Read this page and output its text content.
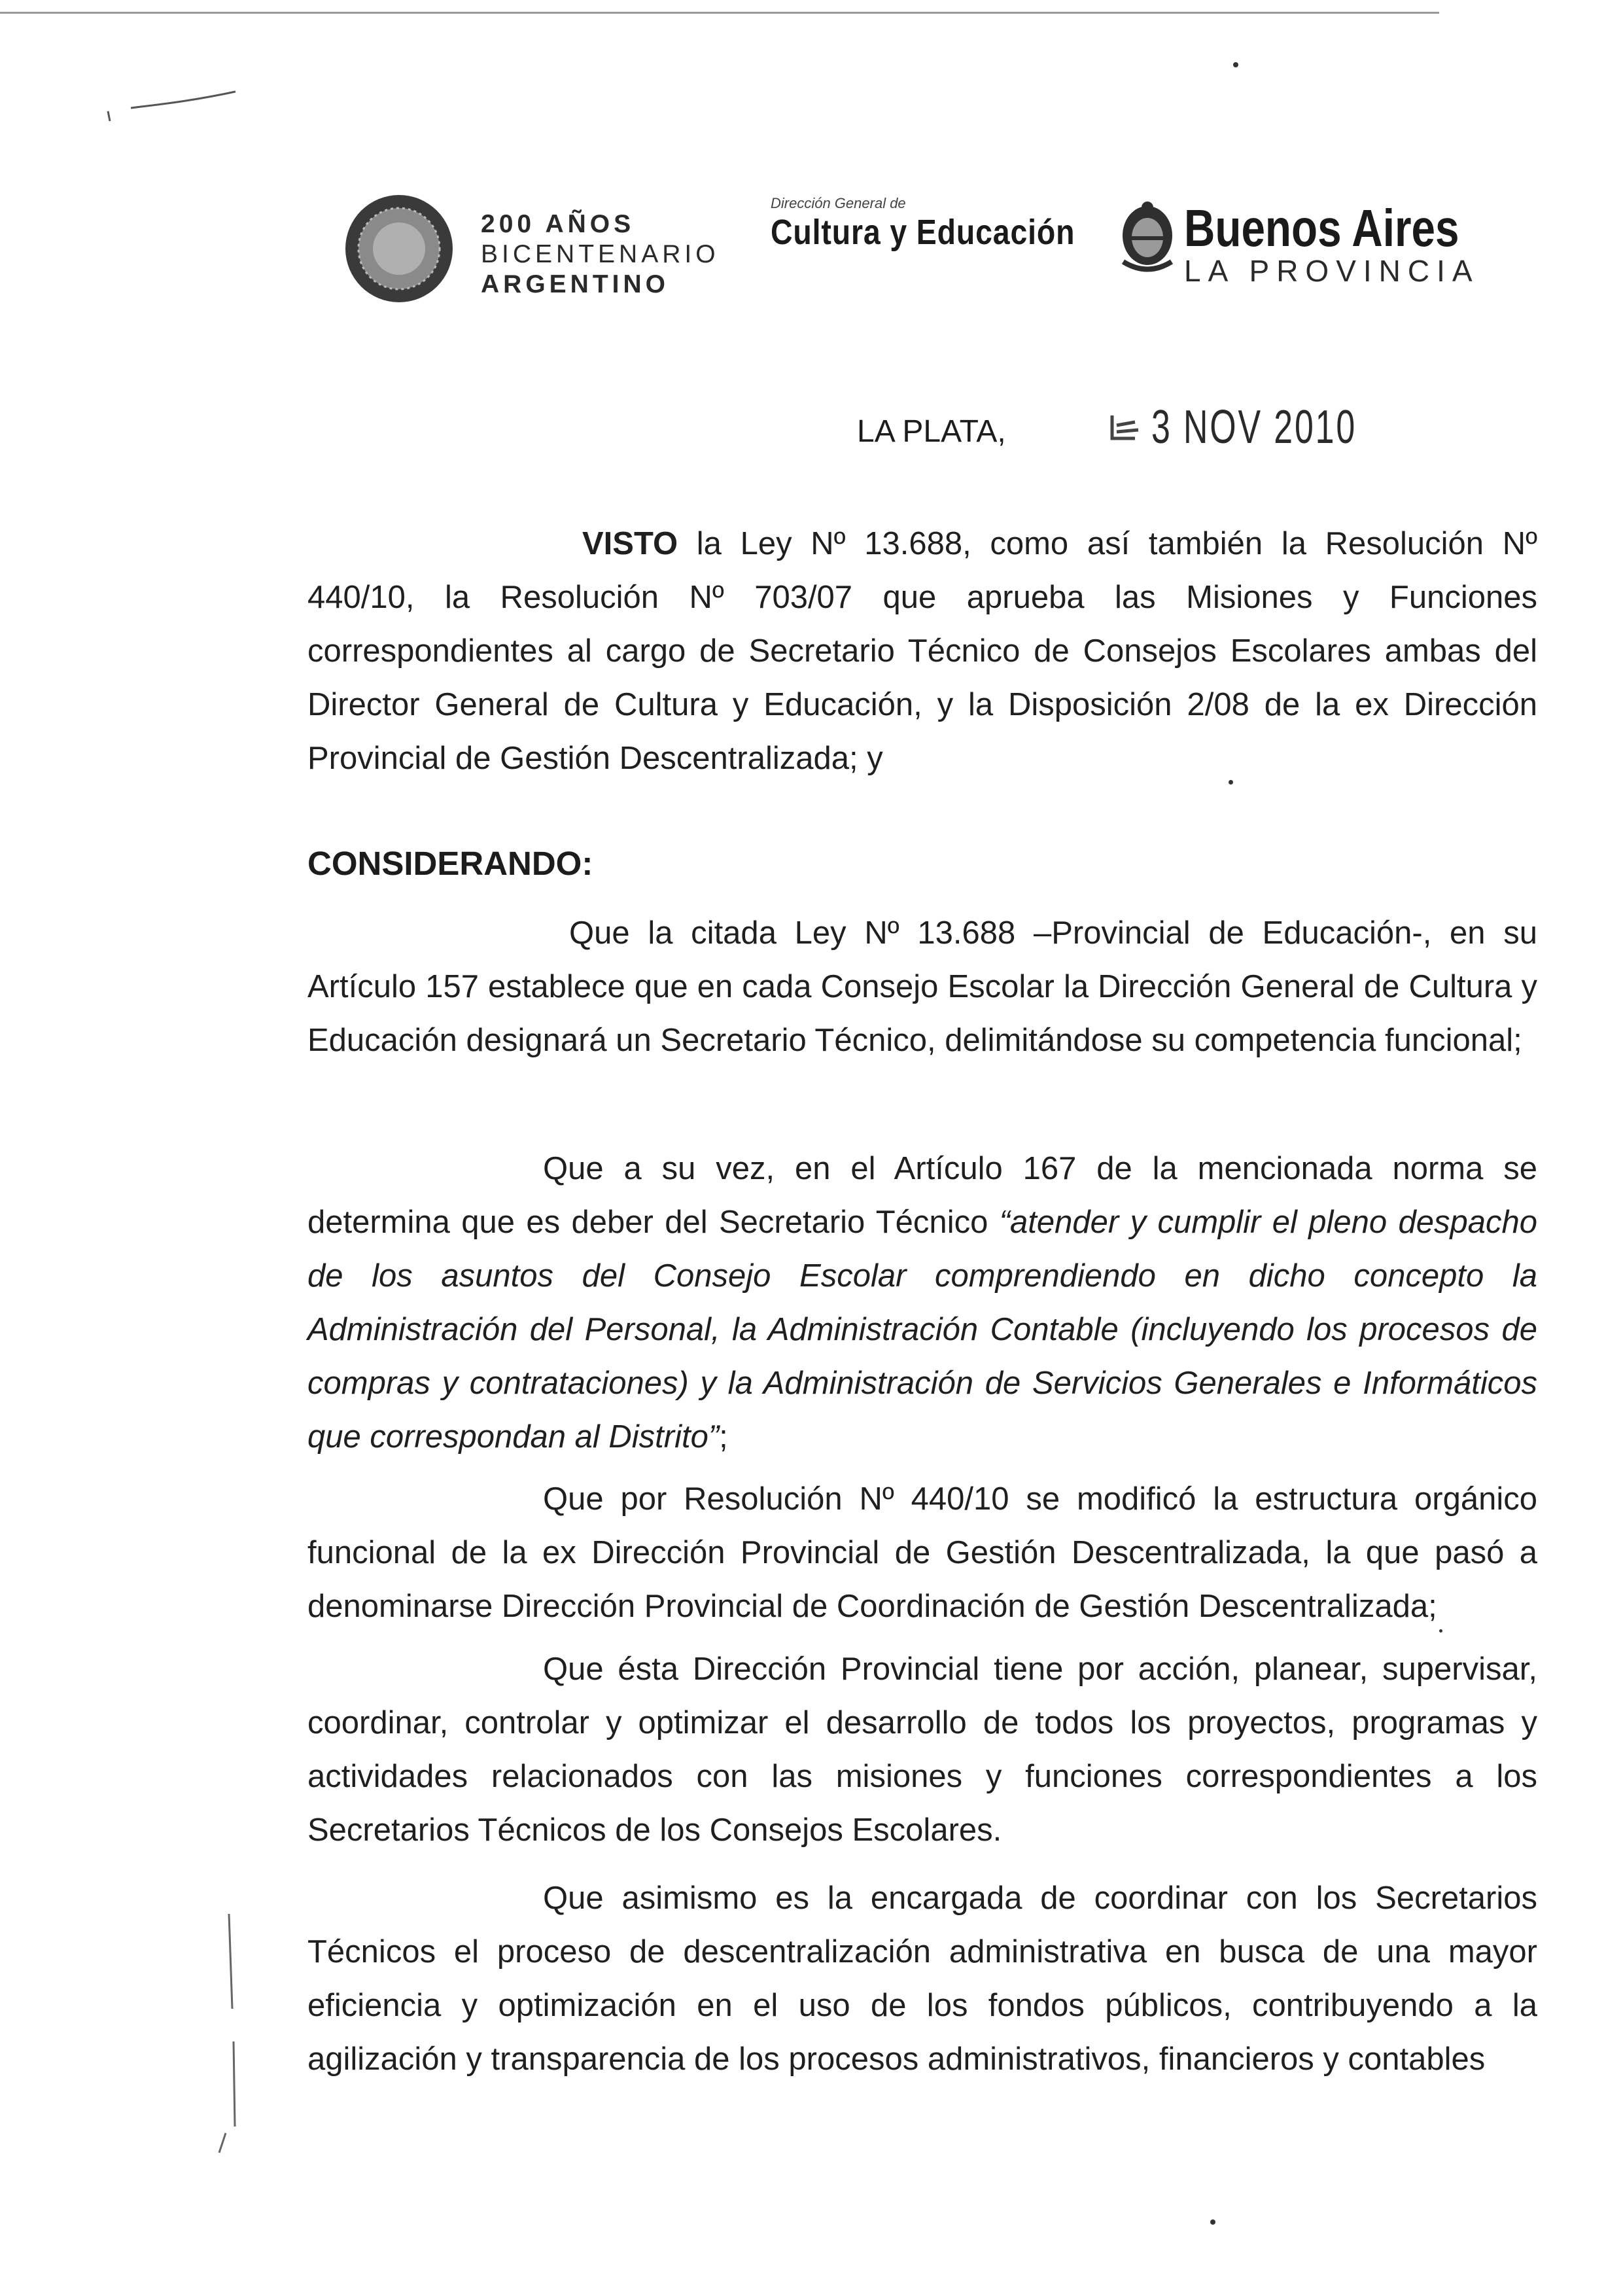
200 AÑOS
BICENTENARIO
ARGENTINO
Dirección General de
Cultura y Educación Buenos Aires
LA PROVINCIA
LA PLATA,	3 NOV 2010
VISTO la Ley Nº 13.688, como así también la Resolución Nº 440/10, la Resolución Nº 703/07 que aprueba las Misiones y Funciones correspondientes al cargo de Secretario Técnico de Consejos Escolares ambas del Director General de Cultura y Educación, y la Disposición 2/08 de la ex Dirección Provincial de Gestión Descentralizada; y
CONSIDERANDO:
Que la citada Ley Nº 13.688 –Provincial de Educación-, en su Artículo 157 establece que en cada Consejo Escolar la Dirección General de Cultura y Educación designará un Secretario Técnico, delimitándose su competencia funcional;
Que a su vez, en el Artículo 167 de la mencionada norma se determina que es deber del Secretario Técnico “atender y cumplir el pleno despacho de los asuntos del Consejo Escolar comprendiendo en dicho concepto la Administración del Personal, la Administración Contable (incluyendo los procesos de compras y contrataciones) y la Administración de Servicios Generales e Informáticos que correspondan al Distrito”;
Que por Resolución Nº 440/10 se modificó la estructura orgánico funcional de la ex Dirección Provincial de Gestión Descentralizada, la que pasó a denominarse Dirección Provincial de Coordinación de Gestión Descentralizada;
Que ésta Dirección Provincial tiene por acción, planear, supervisar, coordinar, controlar y optimizar el desarrollo de todos los proyectos, programas y actividades relacionados con las misiones y funciones correspondientes a los Secretarios Técnicos de los Consejos Escolares.
Que asimismo es la encargada de coordinar con los Secretarios Técnicos el proceso de descentralización administrativa en busca de una mayor eficiencia y optimización en el uso de los fondos públicos, contribuyendo a la agilización y transparencia de los procesos administrativos, financieros y contables
